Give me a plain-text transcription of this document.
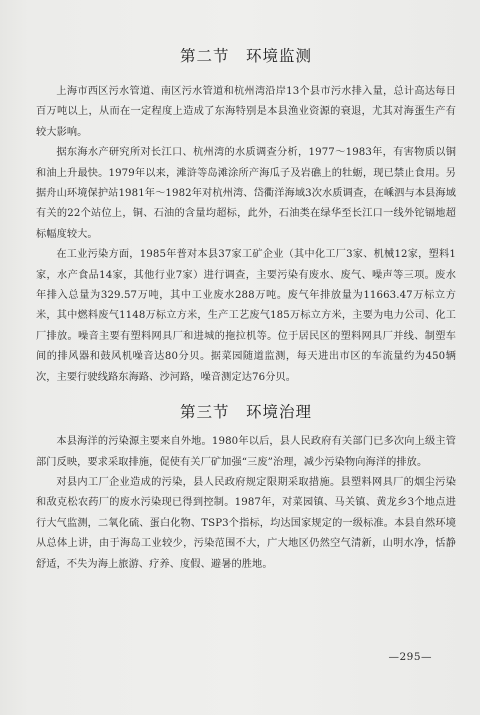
第二节　环境监测

上海市西区污水管道、南区污水管道和杭州湾沿岸13个县市污水排入量，总计高达每日百万吨以上，从而在一定程度上造成了东海特别是本县渔业资源的衰退，尤其对海蛋生产有较大影响。

据东海水产研究所对长江口、杭州湾的水质调查分析，1977～1983年，有害物质以铜和油上升最快。1979年以来，滩浒等岛滩涂所产海瓜子及岩礁上的牡蛎，现已禁止食用。另据舟山环境保护站1981年～1982年对杭州湾、岱衢洋海域3次水质调查，在嵊泗与本县海域有关的22个站位上，铜、石油的含量均超标，此外，石油类在绿华至长江口一线外铊镉地超标幅度较大。

在工业污染方面，1985年普对本县37家工矿企业（其中化工厂3家、机械12家，塑料1家，水产食品14家，其他行业7家）进行调查，主要污染有废水、废气、噪声等三项。废水年排入总量为329.57万吨，其中工业废水288万吨。废气年排放量为11663.47万标立方米，其中燃料废气1148万标立方米，生产工艺废气185万标立方米，主要为电力公司、化工厂排放。噪音主要有塑料网具厂和进城的拖拉机等。位于居民区的塑料网具厂并线、制塑车间的排风器和鼓风机噪音达80分贝。据菜园随道监测，每天进出市区的车流量约为450辆次，主要行驶线路东海路、沙河路，噪音测定达76分贝。

第三节　环境治理

本县海洋的污染源主要来自外地。1980年以后，县人民政府有关部门已多次向上级主管部门反映，要求采取排施，促使有关厂矿加强“三废”治理，减少污染物向海洋的排放。

对县内工厂企业造成的污染，县人民政府规定限期采取措施。县塑料网具厂的烟尘污染和敌克松农药厂的废水污染现已得到控制。1987年，对菜园镇、马关镇、黄龙乡3个地点进行大气监测，二氧化硫、蛋白化物、TSP3个指标，均达国家规定的一级标准。本县自然环境从总体上讲，由于海岛工业较少，污染范围不大，广大地区仍然空气清新，山明水净，恬静舒适，不失为海上旅游、疗养、度假、避暑的胜地。

—295—
